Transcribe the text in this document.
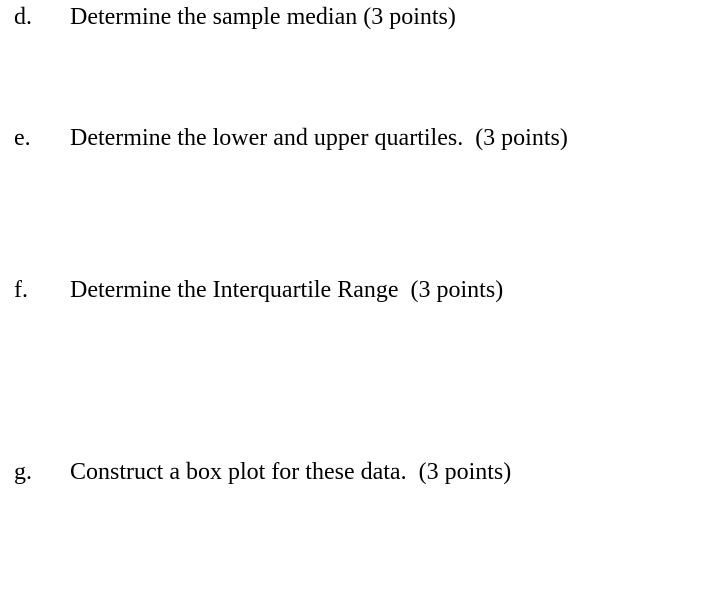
d. Determine the sample median (3 points)
e. Determine the lower and upper quartiles.  (3 points)
f. Determine the Interquartile Range  (3 points)
g. Construct a box plot for these data.  (3 points)
